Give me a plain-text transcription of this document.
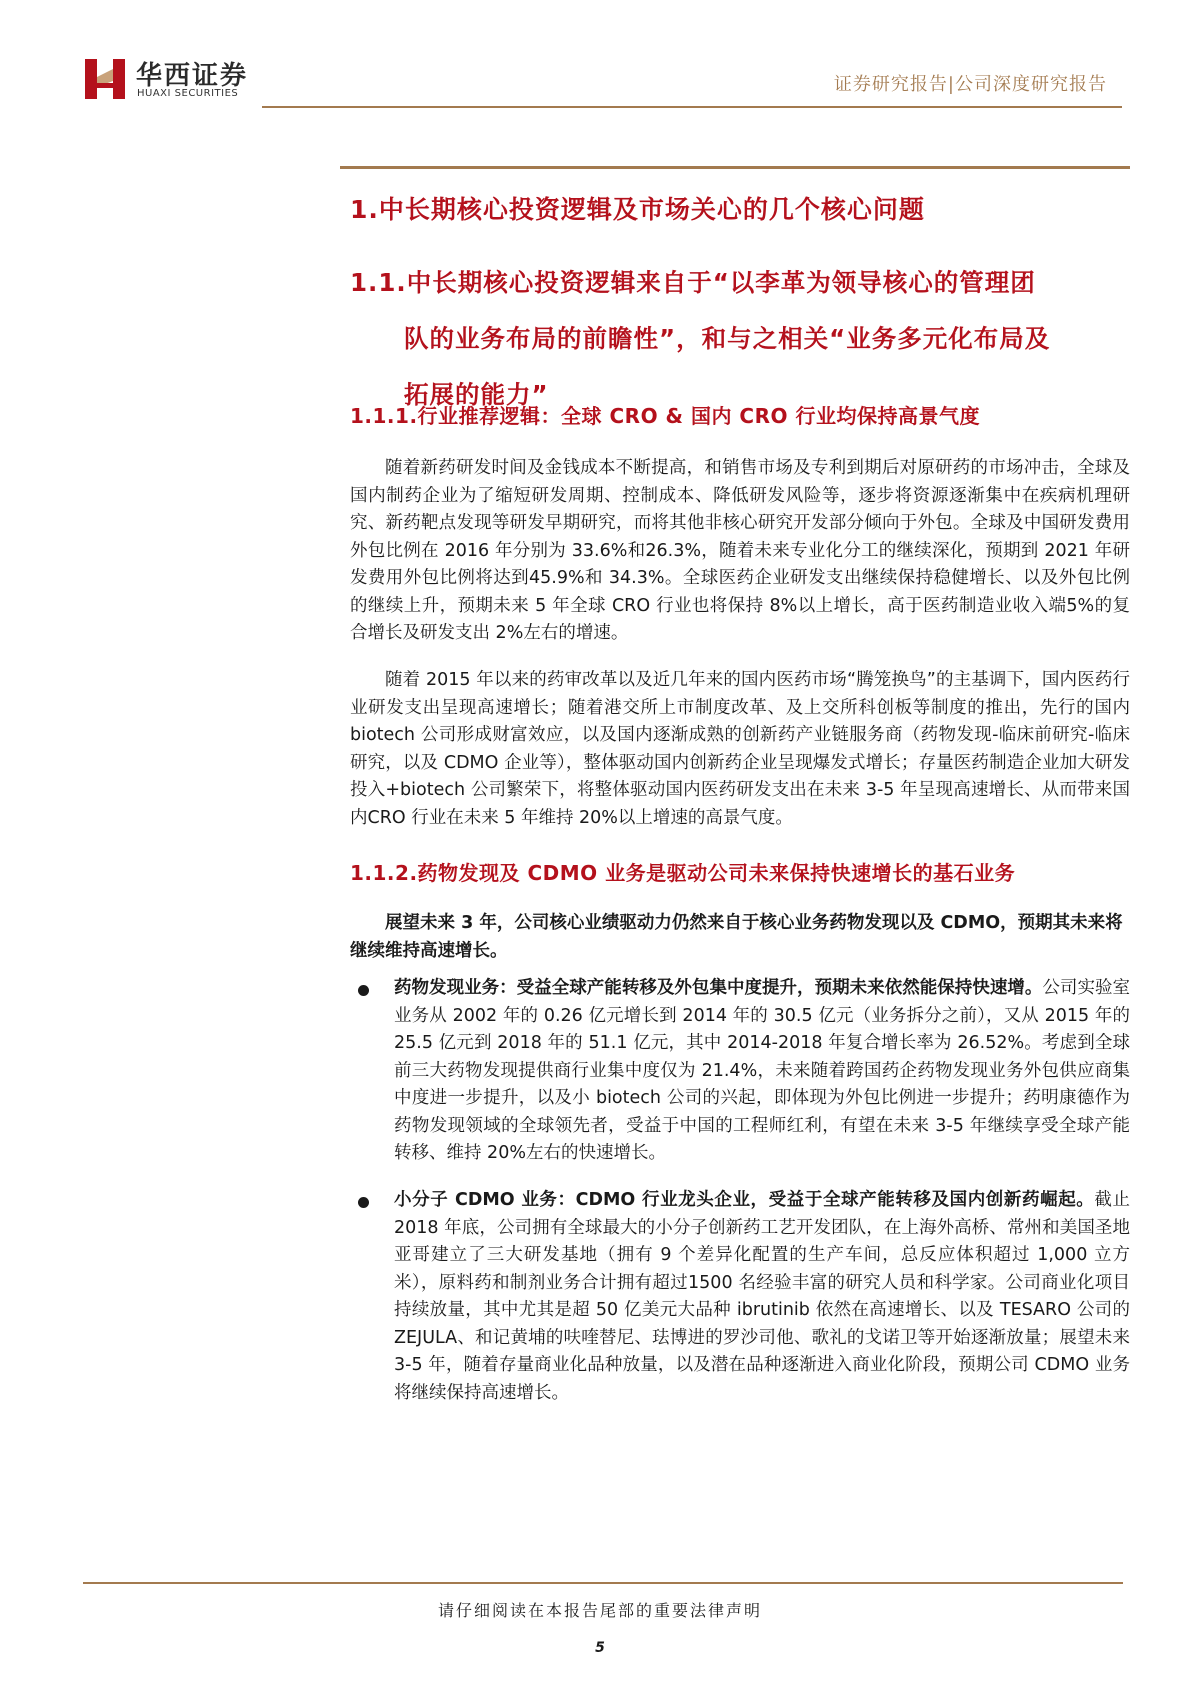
华西证券
HUAXI SECURITIES	证券研究报告|公司深度研究报告
1.中长期核心投资逻辑及市场关心的几个核心问题
1.1.中长期核心投资逻辑来自于“以李革为领导核心的管理团
队的业务布局的前瞻性”，和与之相关“业务多元化布局及
拓展的能力”
1.1.1.行业推荐逻辑：全球 CRO & 国内 CRO 行业均保持高景气度
随着新药研发时间及金钱成本不断提高，和销售市场及专利到期后对原研药的市场冲击，全球及国内制药企业为了缩短研发周期、控制成本、降低研发风险等，逐步将资源逐渐集中在疾病机理研究、新药靶点发现等研发早期研究，而将其他非核心研究开发部分倾向于外包。全球及中国研发费用外包比例在 2016 年分别为 33.6%和26.3%，随着未来专业化分工的继续深化，预期到 2021 年研发费用外包比例将达到45.9%和 34.3%。全球医药企业研发支出继续保持稳健增长、以及外包比例的继续上升，预期未来 5 年全球 CRO 行业也将保持 8%以上增长，高于医药制造业收入端5%的复合增长及研发支出 2%左右的增速。
随着 2015 年以来的药审改革以及近几年来的国内医药市场“腾笼换鸟”的主基调下，国内医药行业研发支出呈现高速增长；随着港交所上市制度改革、及上交所科创板等制度的推出，先行的国内 biotech 公司形成财富效应，以及国内逐渐成熟的创新药产业链服务商（药物发现-临床前研究-临床研究，以及 CDMO 企业等），整体驱动国内创新药企业呈现爆发式增长；存量医药制造企业加大研发投入+biotech 公司繁荣下，将整体驱动国内医药研发支出在未来 3-5 年呈现高速增长、从而带来国内CRO 行业在未来 5 年维持 20%以上增速的高景气度。
1.1.2.药物发现及 CDMO 业务是驱动公司未来保持快速增长的基石业务
展望未来 3 年，公司核心业绩驱动力仍然来自于核心业务药物发现以及 CDMO，预期其未来将继续维持高速增长。
药物发现业务：受益全球产能转移及外包集中度提升，预期未来依然能保持快速增。公司实验室业务从 2002 年的 0.26 亿元增长到 2014 年的 30.5 亿元（业务拆分之前），又从 2015 年的 25.5 亿元到 2018 年的 51.1 亿元，其中 2014-2018 年复合增长率为 26.52%。考虑到全球前三大药物发现提供商行业集中度仅为 21.4%，未来随着跨国药企药物发现业务外包供应商集中度进一步提升，以及小 biotech 公司的兴起，即体现为外包比例进一步提升；药明康德作为药物发现领域的全球领先者，受益于中国的工程师红利，有望在未来 3-5 年继续享受全球产能转移、维持 20%左右的快速增长。
小分子 CDMO 业务：CDMO 行业龙头企业，受益于全球产能转移及国内创新药崛起。截止 2018 年底，公司拥有全球最大的小分子创新药工艺开发团队，在上海外高桥、常州和美国圣地亚哥建立了三大研发基地（拥有 9 个差异化配置的生产车间，总反应体积超过 1,000 立方米），原料药和制剂业务合计拥有超过1500 名经验丰富的研究人员和科学家。公司商业化项目持续放量，其中尤其是超 50 亿美元大品种 ibrutinib 依然在高速增长、以及 TESARO 公司的 ZEJULA、和记黄埔的呋喹替尼、珐博进的罗沙司他、歌礼的戈诺卫等开始逐渐放量；展望未来 3-5 年，随着存量商业化品种放量，以及潜在品种逐渐进入商业化阶段，预期公司 CDMO 业务将继续保持高速增长。
请仔细阅读在本报告尾部的重要法律声明
5
